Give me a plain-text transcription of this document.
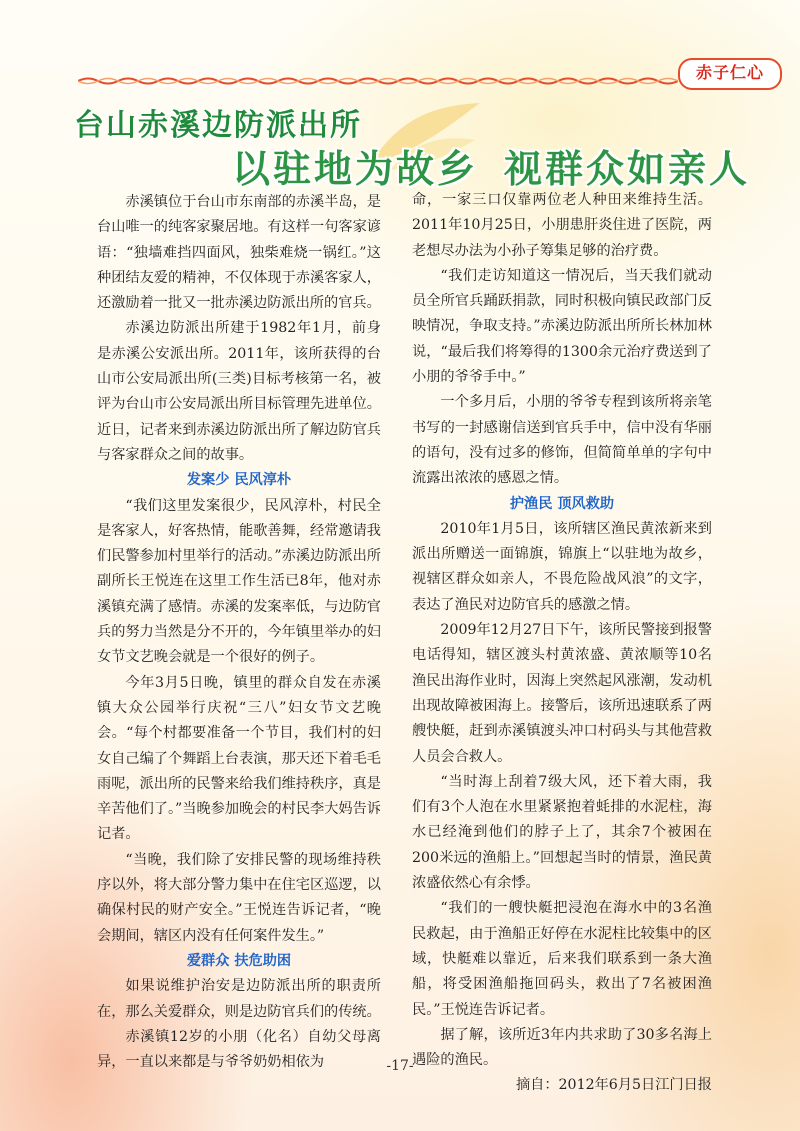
赤子仁心
台山赤溪边防派出所
以驻地为故乡 视群众如亲人

赤溪镇位于台山市东南部的赤溪半岛，是台山唯一的纯客家聚居地。有这样一句客家谚语：“独墙难挡四面风，独柴难烧一锅红。”这种团结友爱的精神，不仅体现于赤溪客家人，还激励着一批又一批赤溪边防派出所的官兵。

赤溪边防派出所建于1982年1月，前身是赤溪公安派出所。2011年，该所获得的台山市公安局派出所(三类)目标考核第一名，被评为台山市公安局派出所目标管理先进单位。近日，记者来到赤溪边防派出所了解边防官兵与客家群众之间的故事。

发案少 民风淳朴

“我们这里发案很少，民风淳朴，村民全是客家人，好客热情，能歌善舞，经常邀请我们民警参加村里举行的活动。”赤溪边防派出所副所长王悦连在这里工作生活已8年，他对赤溪镇充满了感情。赤溪的发案率低，与边防官兵的努力当然是分不开的，今年镇里举办的妇女节文艺晚会就是一个很好的例子。

今年3月5日晚，镇里的群众自发在赤溪镇大众公园举行庆祝“三八”妇女节文艺晚会。“每个村都要准备一个节目，我们村的妇女自己编了个舞蹈上台表演，那天还下着毛毛雨呢，派出所的民警来给我们维持秩序，真是辛苦他们了。”当晚参加晚会的村民李大妈告诉记者。

“当晚，我们除了安排民警的现场维持秩序以外，将大部分警力集中在住宅区巡逻，以确保村民的财产安全。”王悦连告诉记者，“晚会期间，辖区内没有任何案件发生。”

爱群众 扶危助困

如果说维护治安是边防派出所的职责所在，那么关爱群众，则是边防官兵们的传统。

赤溪镇12岁的小朋（化名）自幼父母离异，一直以来都是与爷爷奶奶相依为

命，一家三口仅靠两位老人种田来维持生活。2011年10月25日，小朋患肝炎住进了医院，两老想尽办法为小孙子筹集足够的治疗费。

“我们走访知道这一情况后，当天我们就动员全所官兵踊跃捐款，同时积极向镇民政部门反映情况，争取支持。”赤溪边防派出所所长林加林说，“最后我们将筹得的1300余元治疗费送到了小朋的爷爷手中。”

一个多月后，小朋的爷爷专程到该所将亲笔书写的一封感谢信送到官兵手中，信中没有华丽的语句，没有过多的修饰，但简简单单的字句中流露出浓浓的感恩之情。

护渔民 顶风救助

2010年1月5日，该所辖区渔民黄浓新来到派出所赠送一面锦旗，锦旗上“以驻地为故乡，视辖区群众如亲人，不畏危险战风浪”的文字，表达了渔民对边防官兵的感激之情。

2009年12月27日下午，该所民警接到报警电话得知，辖区渡头村黄浓盛、黄浓顺等10名渔民出海作业时，因海上突然起风涨潮，发动机出现故障被困海上。接警后，该所迅速联系了两艘快艇，赶到赤溪镇渡头冲口村码头与其他营救人员会合救人。

“当时海上刮着7级大风，还下着大雨，我们有3个人泡在水里紧紧抱着蚝排的水泥柱，海水已经淹到他们的脖子上了，其余7个被困在200米远的渔船上。”回想起当时的情景，渔民黄浓盛依然心有余悸。

“我们的一艘快艇把浸泡在海水中的3名渔民救起，由于渔船正好停在水泥柱比较集中的区域，快艇难以靠近，后来我们联系到一条大渔船，将受困渔船拖回码头，救出了7名被困渔民。”王悦连告诉记者。

据了解，该所近3年内共求助了30多名海上遇险的渔民。

摘自：2012年6月5日江门日报

-17-
